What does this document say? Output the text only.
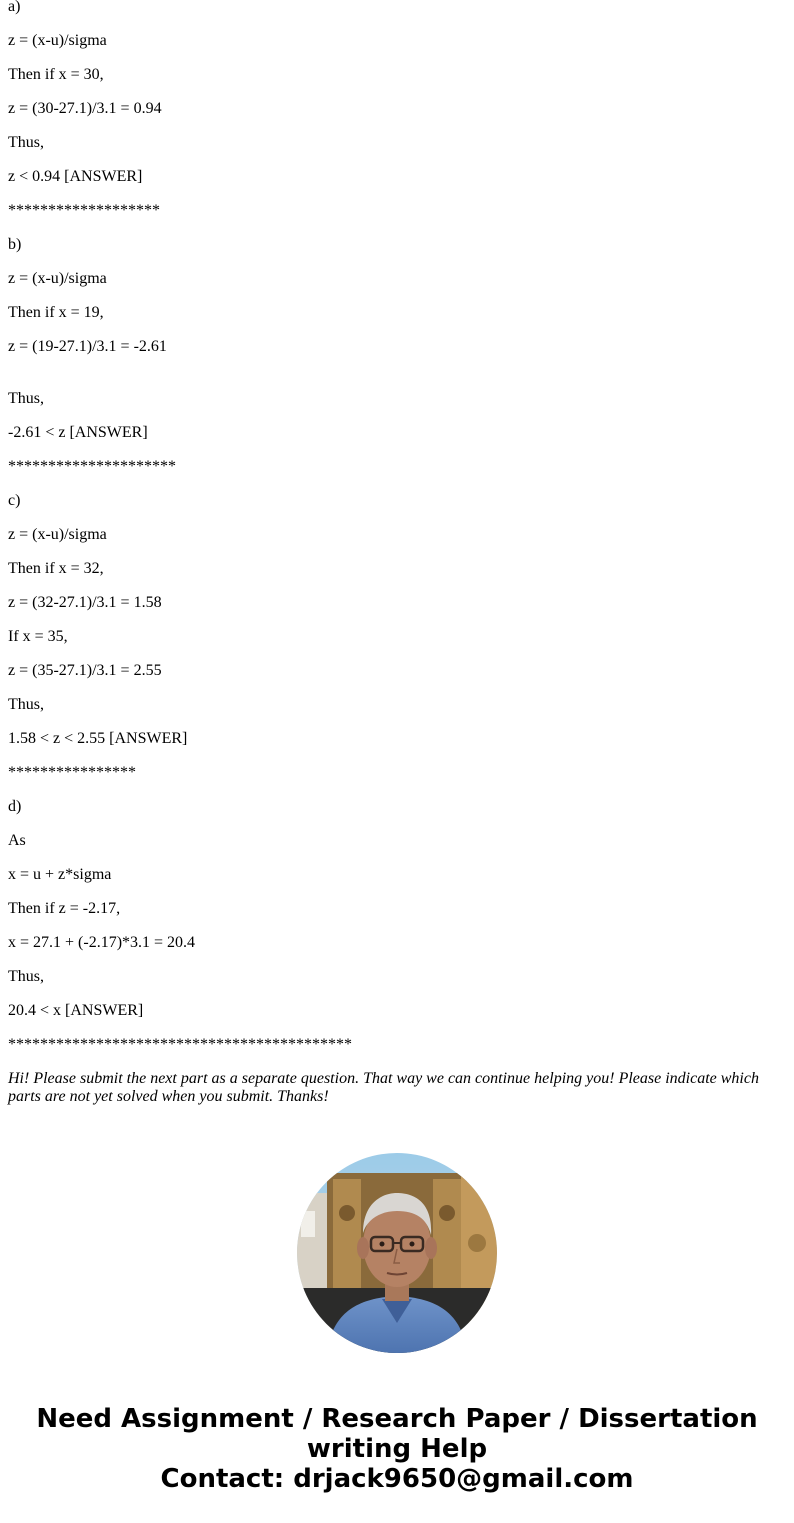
a)
z = (x-u)/sigma
Then if x = 30,
z = (30-27.1)/3.1 = 0.94
Thus,
z < 0.94 [ANSWER]
*******************
b)
z = (x-u)/sigma
Then if x = 19,
z = (19-27.1)/3.1 = -2.61
Thus,
-2.61 < z [ANSWER]
*********************
c)
z = (x-u)/sigma
Then if x = 32,
z = (32-27.1)/3.1 = 1.58
If x = 35,
z = (35-27.1)/3.1 = 2.55
Thus,
1.58 < z < 2.55 [ANSWER]
****************
d)
As
x = u + z*sigma
Then if z = -2.17,
x = 27.1 + (-2.17)*3.1 = 20.4
Thus,
20.4 < x [ANSWER]
*******************************************

Hi! Please submit the next part as a separate question. That way we can continue helping you! Please indicate which parts are not yet solved when you submit. Thanks!

Need Assignment / Research Paper / Dissertation
writing Help
Contact: drjack9650@gmail.com
